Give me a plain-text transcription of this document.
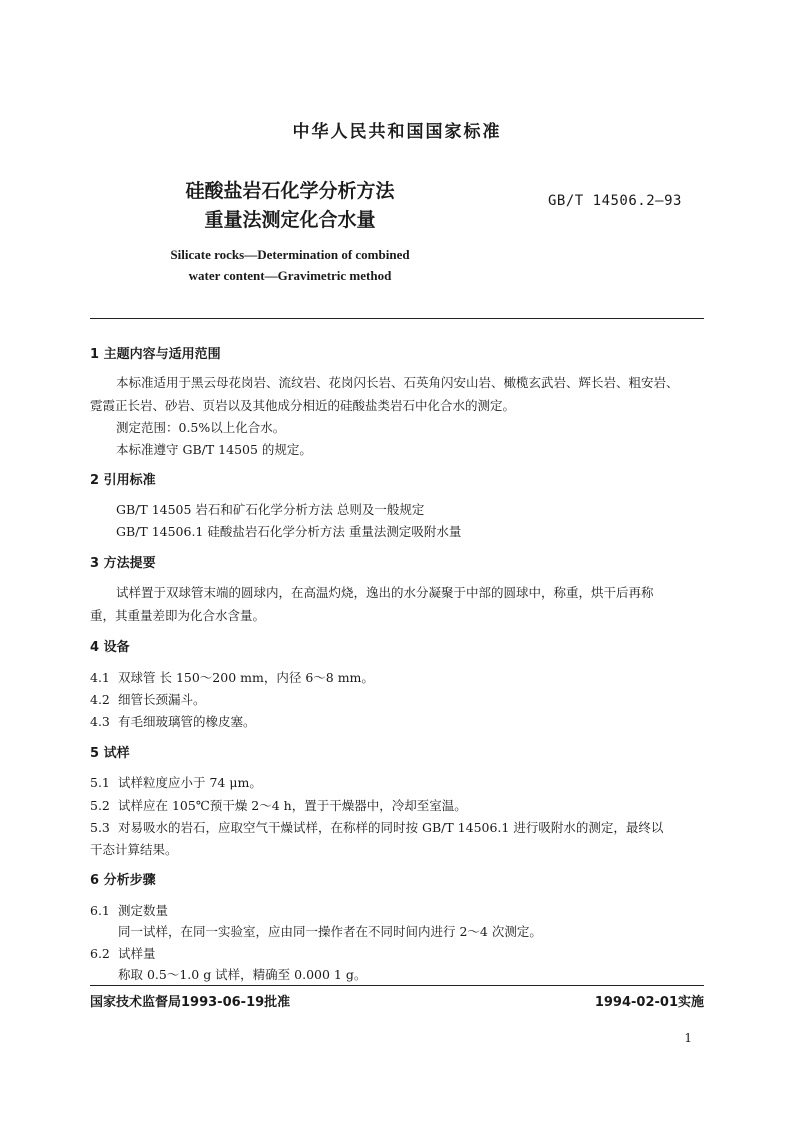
中华人民共和国国家标准
硅酸盐岩石化学分析方法
重量法测定化合水量
GB/T 14506.2—93
Silicate rocks—Determination of combined
water content—Gravimetric method
1 主题内容与适用范围
本标准适用于黑云母花岗岩、流纹岩、花岗闪长岩、石英角闪安山岩、橄榄玄武岩、辉长岩、粗安岩、
霓霞正长岩、砂岩、页岩以及其他成分相近的硅酸盐类岩石中化合水的测定。
测定范围：0.5%以上化合水。
本标准遵守 GB/T 14505 的规定。
2 引用标准
GB/T 14505 岩石和矿石化学分析方法 总则及一般规定
GB/T 14506.1 硅酸盐岩石化学分析方法 重量法测定吸附水量
3 方法提要
试样置于双球管末端的圆球内，在高温灼烧，逸出的水分凝聚于中部的圆球中，称重，烘干后再称
重，其重量差即为化合水含量。
4 设备
4.1 双球管 长 150～200 mm，内径 6～8 mm。
4.2 细管长颈漏斗。
4.3 有毛细玻璃管的橡皮塞。
5 试样
5.1 试样粒度应小于 74 μm。
5.2 试样应在 105℃预干燥 2～4 h，置于干燥器中，冷却至室温。
5.3 对易吸水的岩石，应取空气干燥试样，在称样的同时按 GB/T 14506.1 进行吸附水的测定，最终以
干态计算结果。
6 分析步骤
6.1 测定数量
同一试样，在同一实验室，应由同一操作者在不同时间内进行 2～4 次测定。
6.2 试样量
称取 0.5～1.0 g 试样，精确至 0.000 1 g。
国家技术监督局1993-06-19批准	1994-02-01实施
1
